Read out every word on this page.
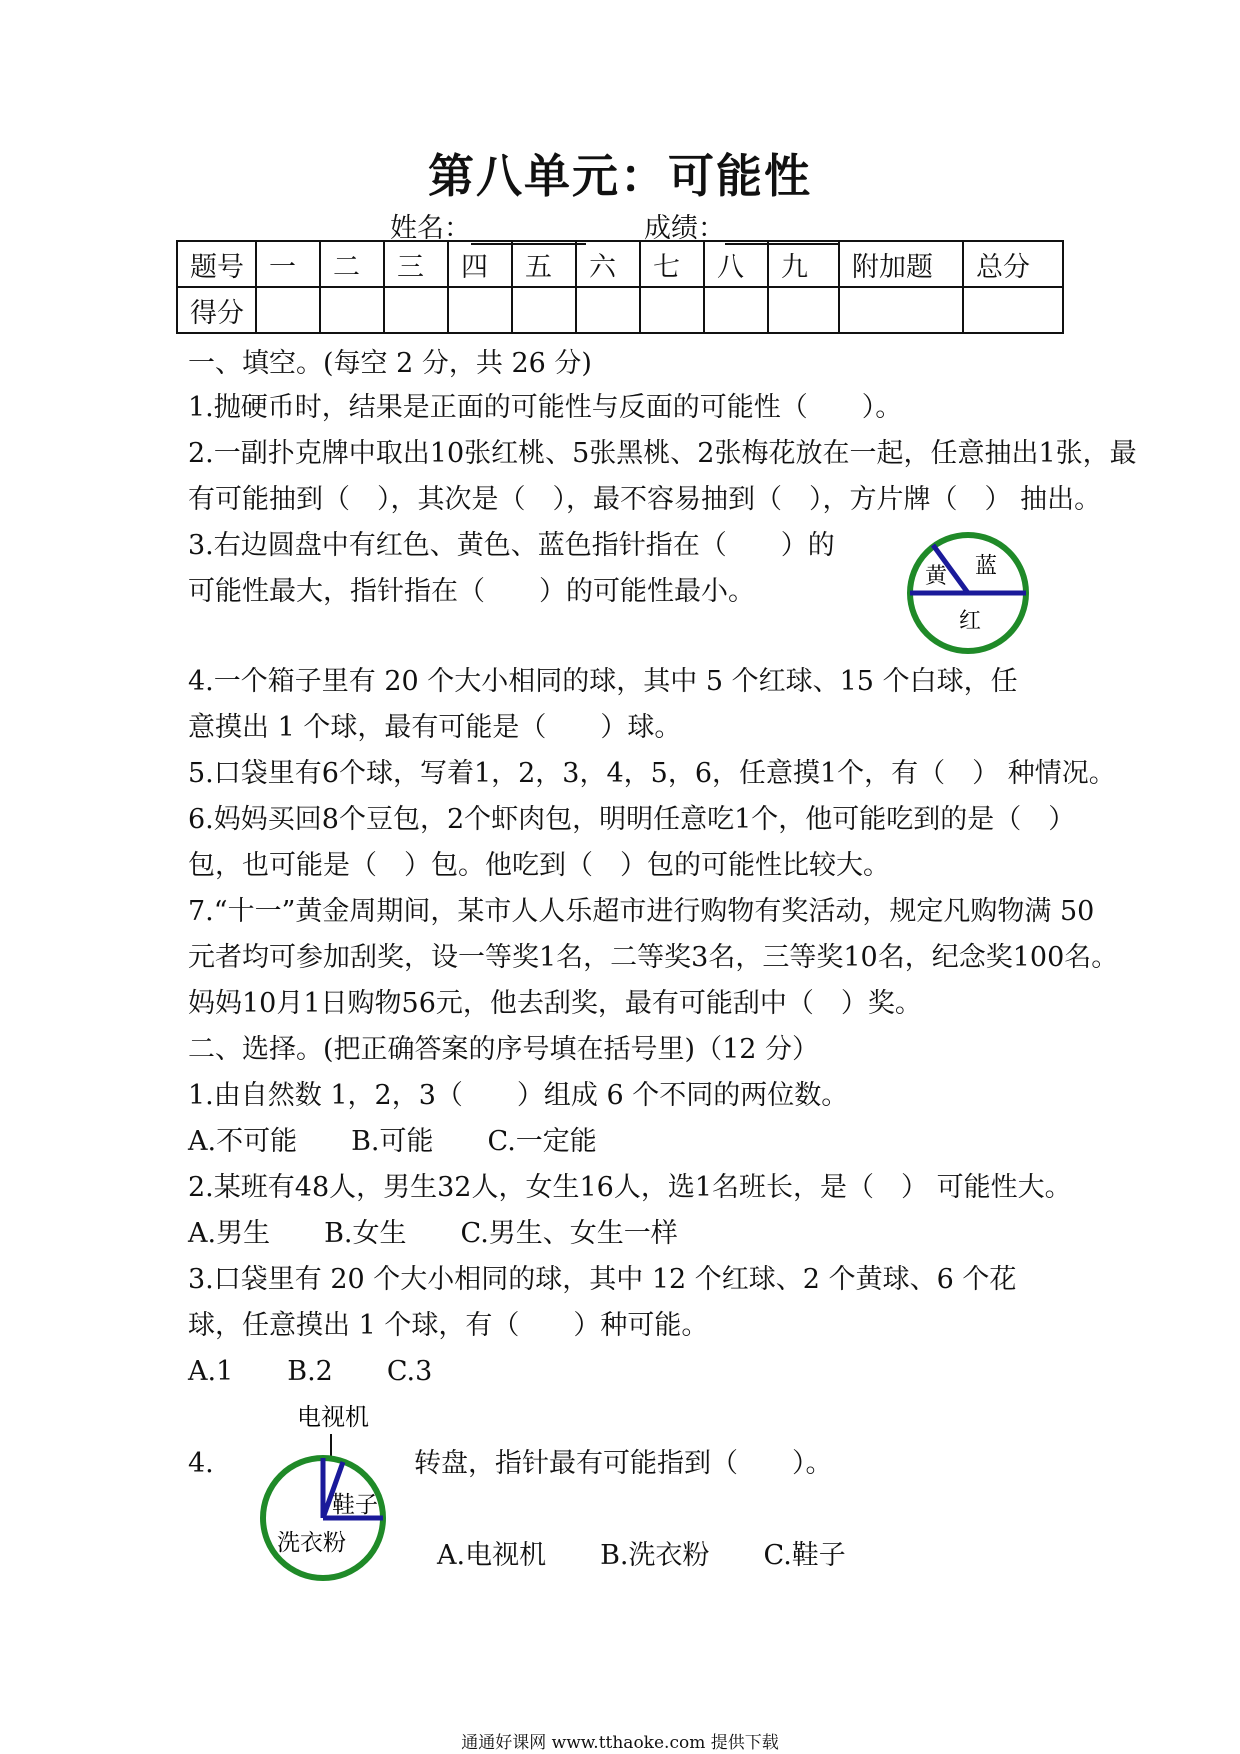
第八单元：可能性
姓名：	成绩：
题号	一	二	三	四	五	六	七	八	九	附加题	总分
得分											
一、填空。(每空 2 分，共 26 分)
1.抛硬币时，结果是正面的可能性与反面的可能性（　　）。
2.一副扑克牌中取出10张红桃、5张黑桃、2张梅花放在一起，任意抽出1张，最
有可能抽到（　），其次是（　），最不容易抽到（　），方片牌（　） 抽出。
3.右边圆盘中有红色、黄色、蓝色指针指在（　　）的
可能性最大，指针指在（　　）的可能性最小。	黄 蓝
红
4.一个箱子里有 20 个大小相同的球，其中 5 个红球、15 个白球，任
意摸出 1 个球，最有可能是（　　）球。
5.口袋里有6个球，写着1，2，3，4，5，6，任意摸1个，有（　） 种情况。
6.妈妈买回8个豆包，2个虾肉包，明明任意吃1个，他可能吃到的是（　）
包，也可能是（　）包。他吃到（　）包的可能性比较大。
7.“十一”黄金周期间，某市人人乐超市进行购物有奖活动，规定凡购物满 50
元者均可参加刮奖，设一等奖1名，二等奖3名，三等奖10名，纪念奖100名。
妈妈10月1日购物56元，他去刮奖，最有可能刮中（　）奖。
二、选择。(把正确答案的序号填在括号里)（12 分）
1.由自然数 1，2，3（　　）组成 6 个不同的两位数。
A.不可能　　B.可能　　C.一定能
2.某班有48人，男生32人，女生16人，选1名班长，是（　） 可能性大。
A.男生　　B.女生　　C.男生、女生一样
3.口袋里有 20 个大小相同的球，其中 12 个红球、2 个黄球、6 个花
球，任意摸出 1 个球，有（　　）种可能。
A.1　　B.2　　C.3
4.
电视机
鞋子
洗衣粉
转盘，指针最有可能指到（　　）。
A.电视机　　B.洗衣粉　　C.鞋子
通通好课网 www.tthaoke.com 提供下载
